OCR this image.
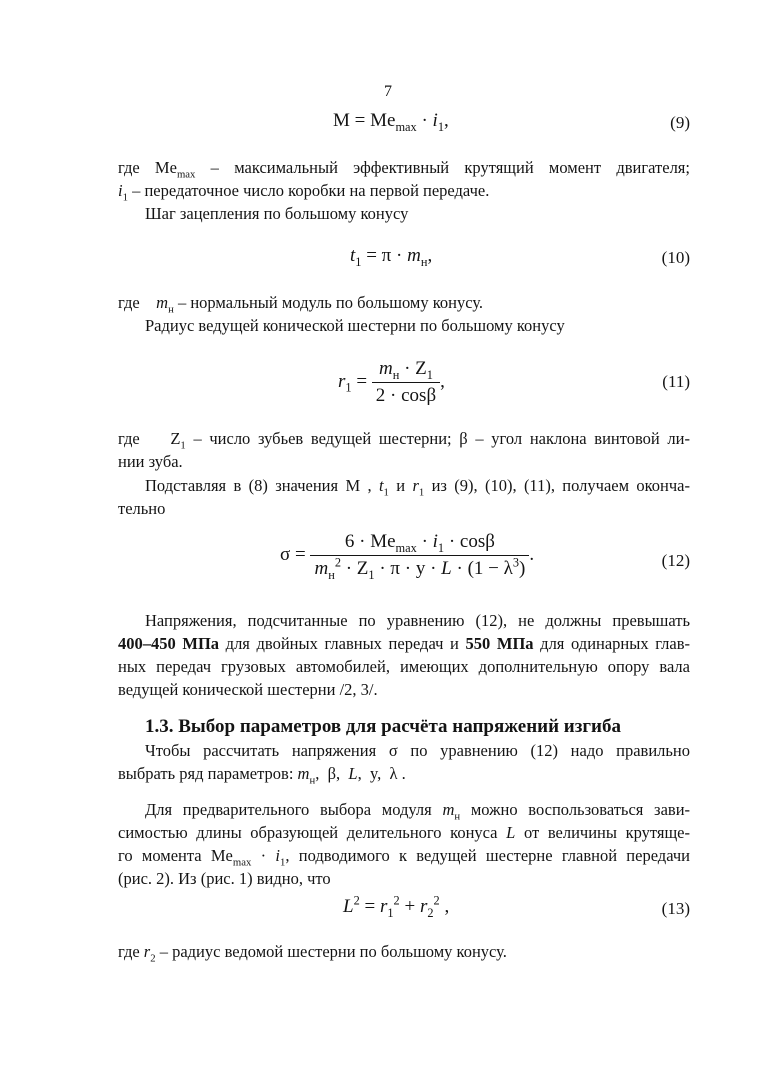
7
$M = Me_{max} \cdot i_1$,	(9)
где $Me_{max}$ – максимальный эффективный крутящий момент двигателя;
$i_1$ – передаточное число коробки на первой передаче.
Шаг зацепления по большому конусу
$t_1 = \pi \cdot m_н$,	(10)
где $m_н$ – нормальный модуль по большому конусу.
Радиус ведущей конической шестерни по большому конусу
$r_1 = \frac{m_н \cdot Z_1}{2 \cdot \cos\beta}$ ,	(11)
где    $Z_1$ – число зубьев ведущей шестерни; β – угол наклона винтовой ли-
нии зуба.
Подставляя в (8) значения М , $t_1$ и $r_1$ из (9), (10), (11), получаем оконча-
тельно
$\sigma = \frac{6 \cdot Me_{max} \cdot i_1 \cdot \cos\beta}{m_н^2 \cdot Z_1 \cdot \pi \cdot y \cdot L \cdot (1 - \lambda^3)}$ .	(12)
Напряжения, подсчитанные по уравнению (12), не должны превышать
400–450 МПа для двойных главных передач и 550 МПа для одинарных глав-
ных передач грузовых автомобилей, имеющих дополнительную опору вала
ведущей конической шестерни /2, 3/.
1.3. Выбор параметров для расчёта напряжений изгиба
Чтобы рассчитать напряжения σ по уравнению (12) надо правильно
выбрать ряд параметров: $m_н$,  β,  L,  y,  λ .
Для предварительного выбора модуля $m_н$ можно воспользоваться зави-
симостью длины образующей делительного конуса L от величины крутяще-
го момента $Me_{max} \cdot i_1$, подводимого к ведущей шестерне главной передачи
(рис. 2). Из (рис. 1) видно, что
$L^2 = r_1^2 + r_2^2$ ,	(13)
где $r_2$ – радиус ведомой шестерни по большому конусу.
